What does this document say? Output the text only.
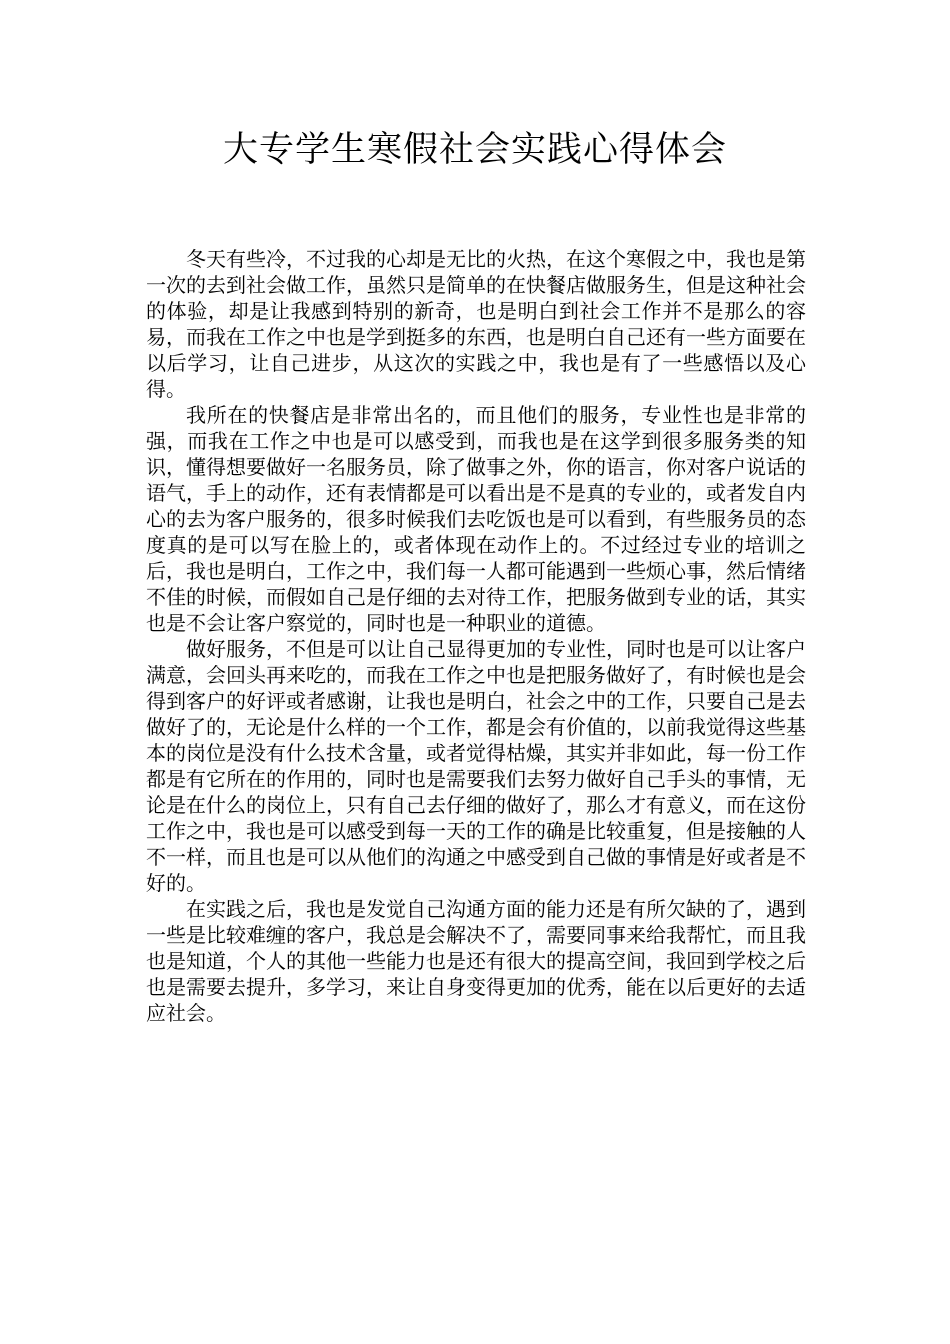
大专学生寒假社会实践心得体会

冬天有些冷，不过我的心却是无比的火热，在这个寒假之中，我也是第一次的去到社会做工作，虽然只是简单的在快餐店做服务生，但是这种社会的体验，却是让我感到特别的新奇，也是明白到社会工作并不是那么的容易，而我在工作之中也是学到挺多的东西，也是明白自己还有一些方面要在以后学习，让自己进步，从这次的实践之中，我也是有了一些感悟以及心得。

我所在的快餐店是非常出名的，而且他们的服务，专业性也是非常的强，而我在工作之中也是可以感受到，而我也是在这学到很多服务类的知识，懂得想要做好一名服务员，除了做事之外，你的语言，你对客户说话的语气，手上的动作，还有表情都是可以看出是不是真的专业的，或者发自内心的去为客户服务的，很多时候我们去吃饭也是可以看到，有些服务员的态度真的是可以写在脸上的，或者体现在动作上的。不过经过专业的培训之后，我也是明白，工作之中，我们每一人都可能遇到一些烦心事，然后情绪不佳的时候，而假如自己是仔细的去对待工作，把服务做到专业的话，其实也是不会让客户察觉的，同时也是一种职业的道德。

做好服务，不但是可以让自己显得更加的专业性，同时也是可以让客户满意，会回头再来吃的，而我在工作之中也是把服务做好了，有时候也是会得到客户的好评或者感谢，让我也是明白，社会之中的工作，只要自己是去做好了的，无论是什么样的一个工作，都是会有价值的，以前我觉得这些基本的岗位是没有什么技术含量，或者觉得枯燥，其实并非如此，每一份工作都是有它所在的作用的，同时也是需要我们去努力做好自己手头的事情，无论是在什么的岗位上，只有自己去仔细的做好了，那么才有意义，而在这份工作之中，我也是可以感受到每一天的工作的确是比较重复，但是接触的人不一样，而且也是可以从他们的沟通之中感受到自己做的事情是好或者是不好的。

在实践之后，我也是发觉自己沟通方面的能力还是有所欠缺的了，遇到一些是比较难缠的客户，我总是会解决不了，需要同事来给我帮忙，而且我也是知道，个人的其他一些能力也是还有很大的提高空间，我回到学校之后也是需要去提升，多学习，来让自身变得更加的优秀，能在以后更好的去适应社会。
